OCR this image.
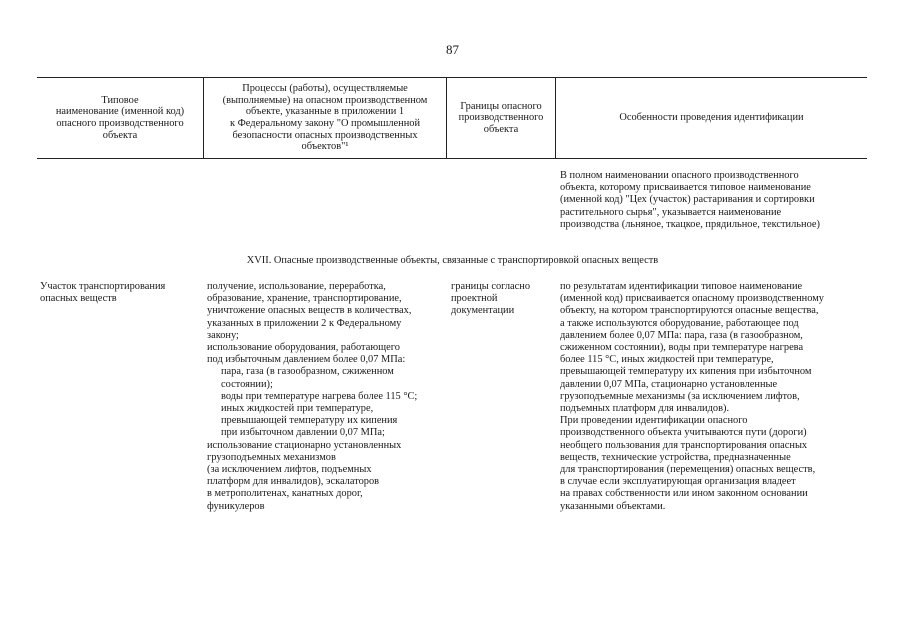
87
Типовое
наименование (именной код)
опасного производственного
объекта
Процессы (работы), осуществляемые
(выполняемые) на опасном производственном
объекте, указанные в приложении 1
к Федеральному закону "О промышленной
безопасности опасных производственных
объектов"¹
Границы опасного
производственного
объекта
Особенности проведения идентификации
В полном наименовании опасного производственного
объекта, которому присваивается типовое наименование
(именной код) "Цех (участок) растаривания и сортировки
растительного сырья", указывается наименование
производства (льняное, ткацкое, прядильное, текстильное)
XVII. Опасные производственные объекты, связанные с транспортировкой опасных веществ
Участок транспортирования
опасных веществ
получение, использование, переработка,
образование, хранение, транспортирование,
уничтожение опасных веществ в количествах,
указанных в приложении 2 к Федеральному
закону;
использование оборудования, работающего
под избыточным давлением более 0,07 МПа:
пара, газа (в газообразном, сжиженном
состоянии);
воды при температуре нагрева более 115 °С;
иных жидкостей при температуре,
превышающей температуру их кипения
при избыточном давлении 0,07 МПа;
использование стационарно установленных
грузоподъемных механизмов
(за исключением лифтов, подъемных
платформ для инвалидов), эскалаторов
в метрополитенах, канатных дорог,
фуникулеров
границы согласно
проектной
документации
по результатам идентификации типовое наименование
(именной код) присваивается опасному производственному
объекту, на котором транспортируются опасные вещества,
а также используются оборудование, работающее под
давлением более 0,07 МПа: пара, газа (в газообразном,
сжиженном состоянии), воды при температуре нагрева
более 115 °С, иных жидкостей при температуре,
превышающей температуру их кипения при избыточном
давлении 0,07 МПа, стационарно установленные
грузоподъемные механизмы (за исключением лифтов,
подъемных платформ для инвалидов).
При проведении идентификации опасного
производственного объекта учитываются пути (дороги)
необщего пользования для транспортирования опасных
веществ, технические устройства, предназначенные
для транспортирования (перемещения) опасных веществ,
в случае если эксплуатирующая организация владеет
на правах собственности или ином законном основании
указанными объектами.
